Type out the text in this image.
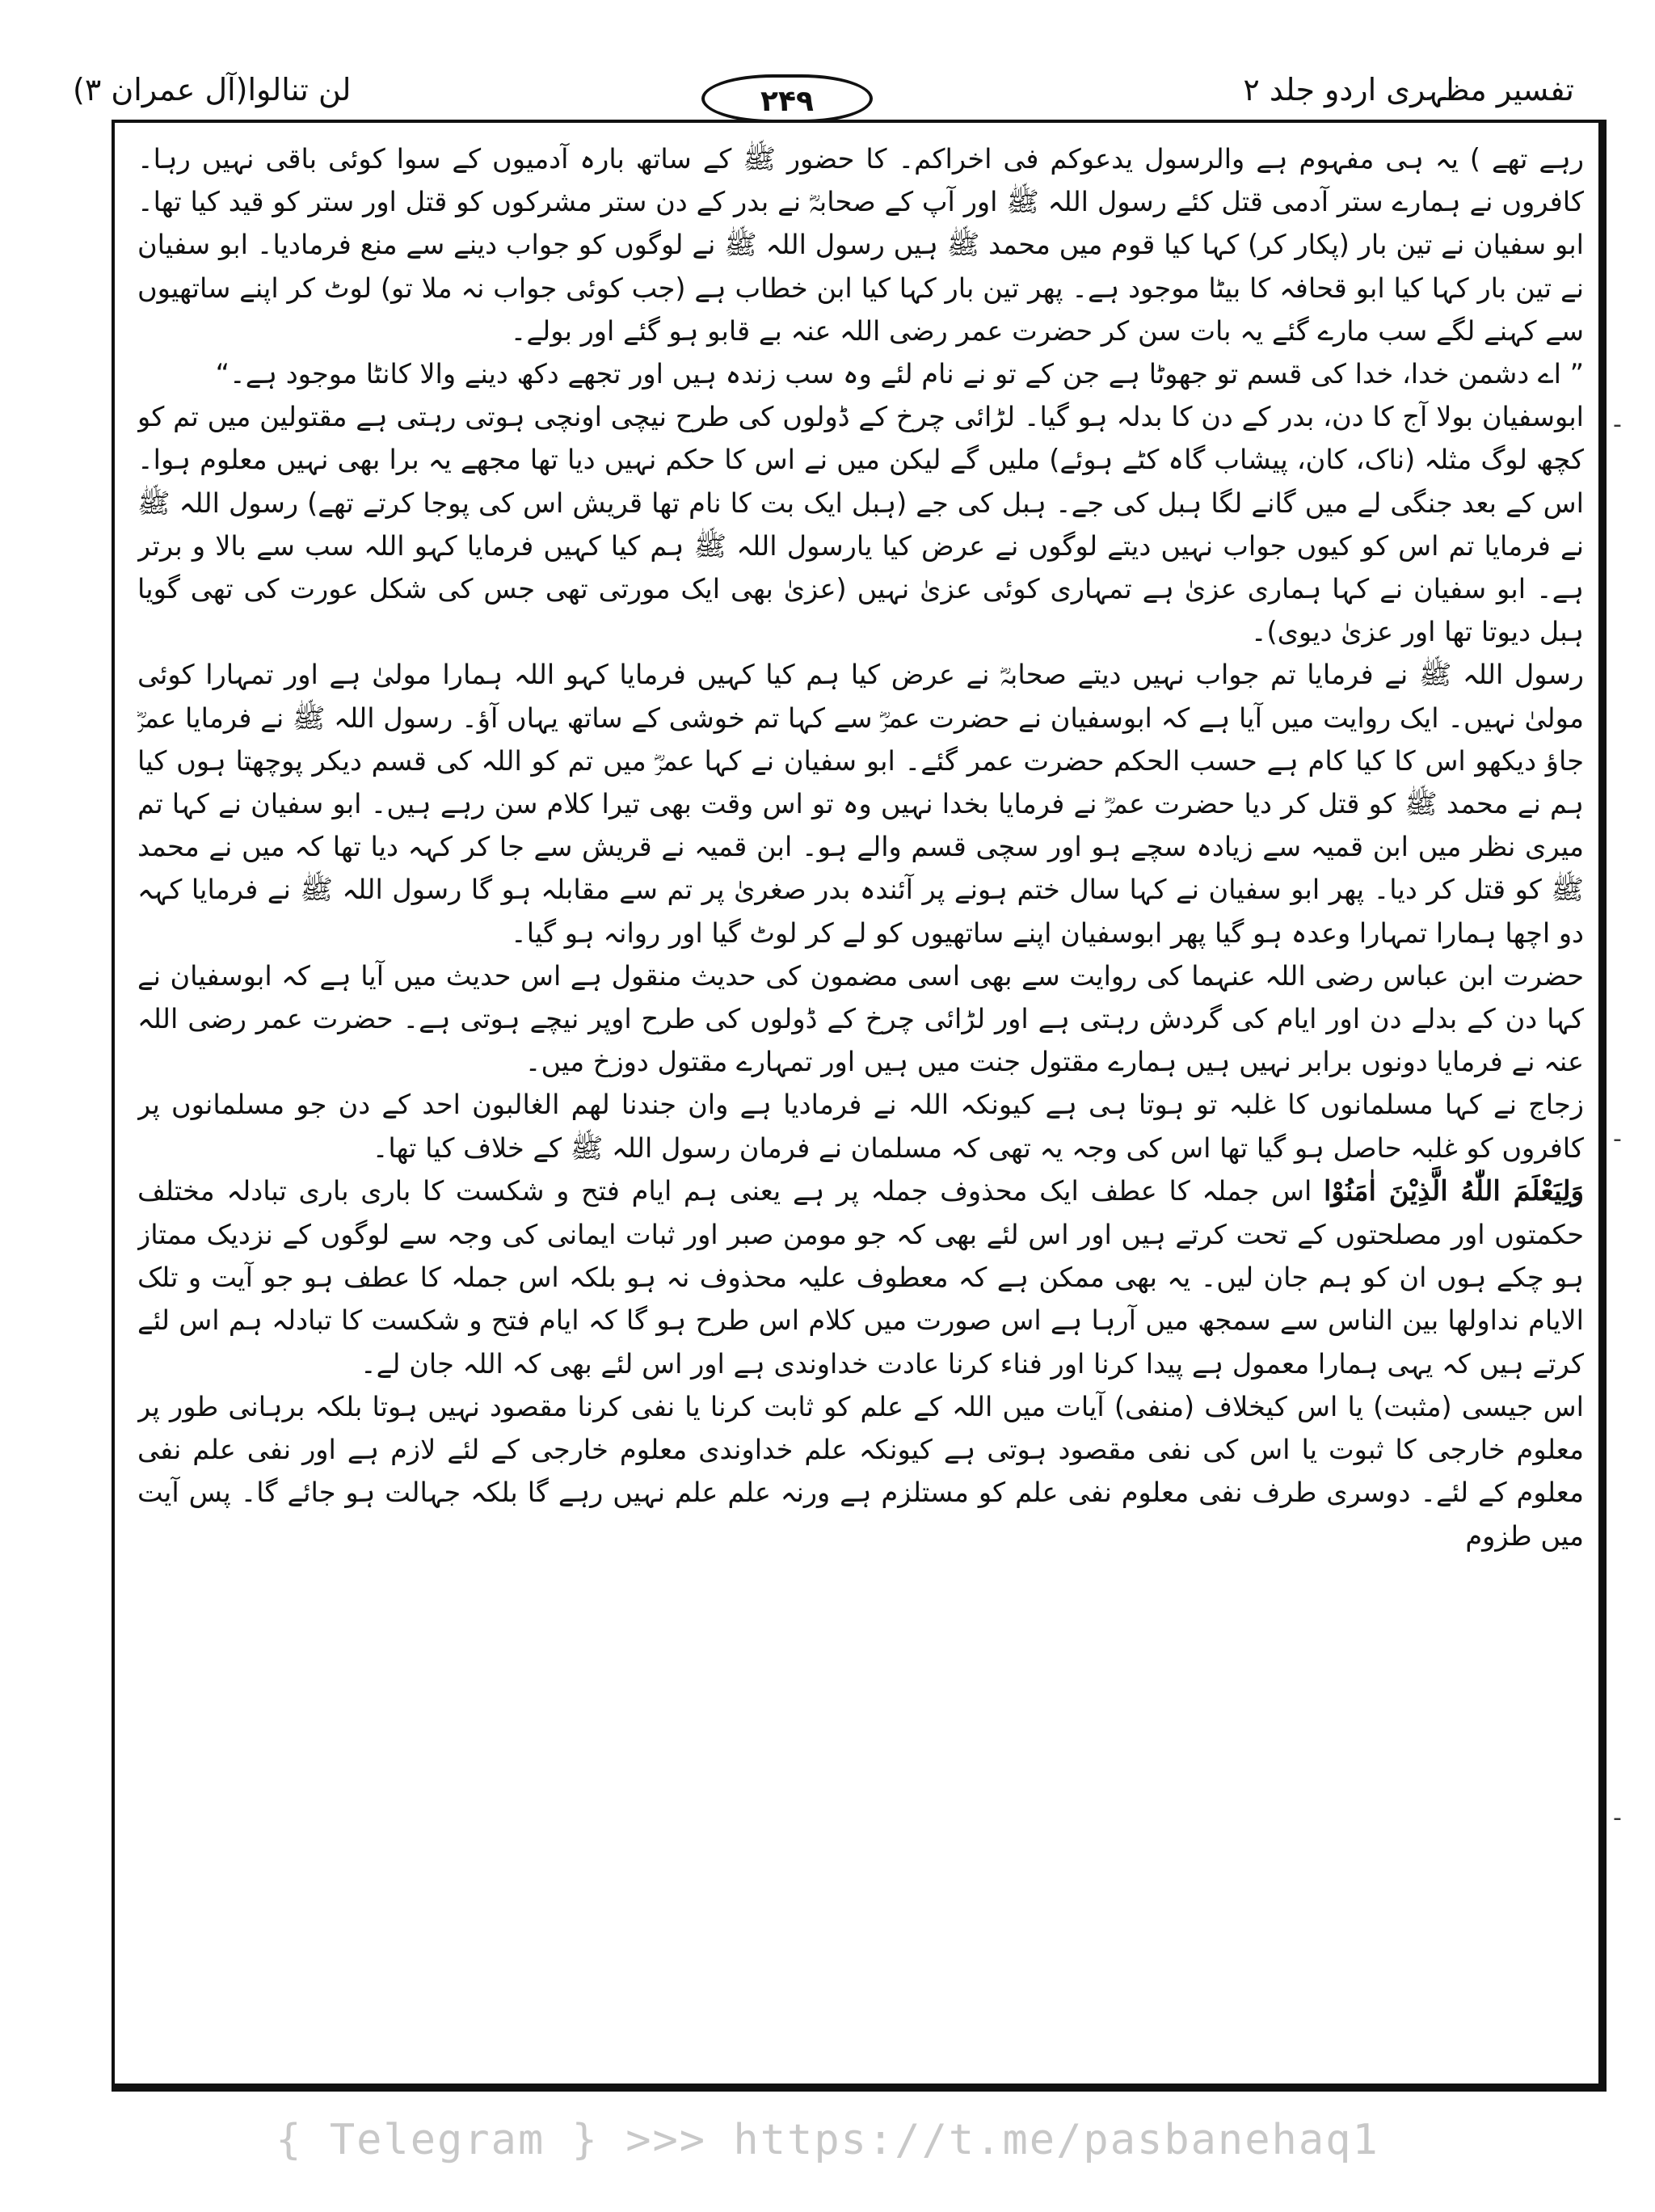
تفسیر مظہری اردو جلد ۲
۲۴۹
لن تنالوا(آل عمران ۳)
-
-
-

رہے تھے ) یہ ہی مفہوم ہے والرسول یدعوکم فی اخراکم۔ کا حضور ﷺ کے ساتھ بارہ آدمیوں کے سوا کوئی باقی نہیں رہا۔ کافروں نے ہمارے ستر آدمی قتل کئے رسول اللہ ﷺ اور آپ کے صحابہؓ نے بدر کے دن ستر مشرکوں کو قتل اور ستر کو قید کیا تھا۔ ابو سفیان نے تین بار (پکار کر) کہا کیا قوم میں محمد ﷺ ہیں رسول اللہ ﷺ نے لوگوں کو جواب دینے سے منع فرمادیا۔ ابو سفیان نے تین بار کہا کیا ابو قحافہ کا بیٹا موجود ہے۔ پھر تین بار کہا کیا ابن خطاب ہے (جب کوئی جواب نہ ملا تو) لوٹ کر اپنے ساتھیوں سے کہنے لگے سب مارے گئے یہ بات سن کر حضرت عمر رضی اللہ عنہ بے قابو ہو گئے اور بولے۔

” اے دشمن خدا، خدا کی قسم تو جھوٹا ہے جن کے تو نے نام لئے وہ سب زندہ ہیں اور تجھے دکھ دینے والا کانٹا موجود ہے۔“

ابوسفیان بولا آج کا دن، بدر کے دن کا بدلہ ہو گیا۔ لڑائی چرخ کے ڈولوں کی طرح نیچی اونچی ہوتی رہتی ہے مقتولین میں تم کو کچھ لوگ مثلہ (ناک، کان، پیشاب گاہ کٹے ہوئے) ملیں گے لیکن میں نے اس کا حکم نہیں دیا تھا مجھے یہ برا بھی نہیں معلوم ہوا۔ اس کے بعد جنگی لے میں گانے لگا ہبل کی جے۔ ہبل کی جے (ہبل ایک بت کا نام تھا قریش اس کی پوجا کرتے تھے) رسول اللہ ﷺ نے فرمایا تم اس کو کیوں جواب نہیں دیتے لوگوں نے عرض کیا یارسول اللہ ﷺ ہم کیا کہیں فرمایا کہو اللہ سب سے بالا و برتر ہے۔ ابو سفیان نے کہا ہماری عزیٰ ہے تمہاری کوئی عزیٰ نہیں (عزیٰ بھی ایک مورتی تھی جس کی شکل عورت کی تھی گویا ہبل دیوتا تھا اور عزیٰ دیوی)۔

رسول اللہ ﷺ نے فرمایا تم جواب نہیں دیتے صحابہؓ نے عرض کیا ہم کیا کہیں فرمایا کہو اللہ ہمارا مولیٰ ہے اور تمہارا کوئی مولیٰ نہیں۔ ایک روایت میں آیا ہے کہ ابوسفیان نے حضرت عمرؓ سے کہا تم خوشی کے ساتھ یہاں آؤ۔ رسول اللہ ﷺ نے فرمایا عمرؓ جاؤ دیکھو اس کا کیا کام ہے حسب الحکم حضرت عمر گئے۔ ابو سفیان نے کہا عمرؓ میں تم کو اللہ کی قسم دیکر پوچھتا ہوں کیا ہم نے محمد ﷺ کو قتل کر دیا حضرت عمرؓ نے فرمایا بخدا نہیں وہ تو اس وقت بھی تیرا کلام سن رہے ہیں۔ ابو سفیان نے کہا تم میری نظر میں ابن قمیہ سے زیادہ سچے ہو اور سچی قسم والے ہو۔ ابن قمیہ نے قریش سے جا کر کہہ دیا تھا کہ میں نے محمد ﷺ کو قتل کر دیا۔ پھر ابو سفیان نے کہا سال ختم ہونے پر آئندہ بدر صغریٰ پر تم سے مقابلہ ہو گا رسول اللہ ﷺ نے فرمایا کہہ دو اچھا ہمارا تمہارا وعدہ ہو گیا پھر ابوسفیان اپنے ساتھیوں کو لے کر لوٹ گیا اور روانہ ہو گیا۔

حضرت ابن عباس رضی اللہ عنہما کی روایت سے بھی اسی مضمون کی حدیث منقول ہے اس حدیث میں آیا ہے کہ ابوسفیان نے کہا دن کے بدلے دن اور ایام کی گردش رہتی ہے اور لڑائی چرخ کے ڈولوں کی طرح اوپر نیچے ہوتی ہے۔ حضرت عمر رضی اللہ عنہ نے فرمایا دونوں برابر نہیں ہیں ہمارے مقتول جنت میں ہیں اور تمہارے مقتول دوزخ میں۔

زجاج نے کہا مسلمانوں کا غلبہ تو ہوتا ہی ہے کیونکہ اللہ نے فرمادیا ہے وان جندنا لھم الغالبون احد کے دن جو مسلمانوں پر کافروں کو غلبہ حاصل ہو گیا تھا اس کی وجہ یہ تھی کہ مسلمان نے فرمان رسول اللہ ﷺ کے خلاف کیا تھا۔

وَلِيَعْلَمَ اللّٰهُ الَّذِيْنَ اٰمَنُوْا اس جملہ کا عطف ایک محذوف جملہ پر ہے یعنی ہم ایام فتح و شکست کا باری باری تبادلہ مختلف حکمتوں اور مصلحتوں کے تحت کرتے ہیں اور اس لئے بھی کہ جو مومن صبر اور ثبات ایمانی کی وجہ سے لوگوں کے نزدیک ممتاز ہو چکے ہوں ان کو ہم جان لیں۔ یہ بھی ممکن ہے کہ معطوف علیہ محذوف نہ ہو بلکہ اس جملہ کا عطف ہو جو آیت و تلک الایام نداولھا بین الناس سے سمجھ میں آرہا ہے اس صورت میں کلام اس طرح ہو گا کہ ایام فتح و شکست کا تبادلہ ہم اس لئے کرتے ہیں کہ یہی ہمارا معمول ہے پیدا کرنا اور فناء کرنا عادت خداوندی ہے اور اس لئے بھی کہ اللہ جان لے۔

اس جیسی (مثبت) یا اس کیخلاف (منفی) آیات میں اللہ کے علم کو ثابت کرنا یا نفی کرنا مقصود نہیں ہوتا بلکہ برہانی طور پر معلوم خارجی کا ثبوت یا اس کی نفی مقصود ہوتی ہے کیونکہ علم خداوندی معلوم خارجی کے لئے لازم ہے اور نفی علم نفی معلوم کے لئے۔ دوسری طرف نفی معلوم نفی علم کو مستلزم ہے ورنہ علم علم نہیں رہے گا بلکہ جہالت ہو جائے گا۔ پس آیت میں طزوم

{ Telegram } >>> https://t.me/pasbanehaq1
